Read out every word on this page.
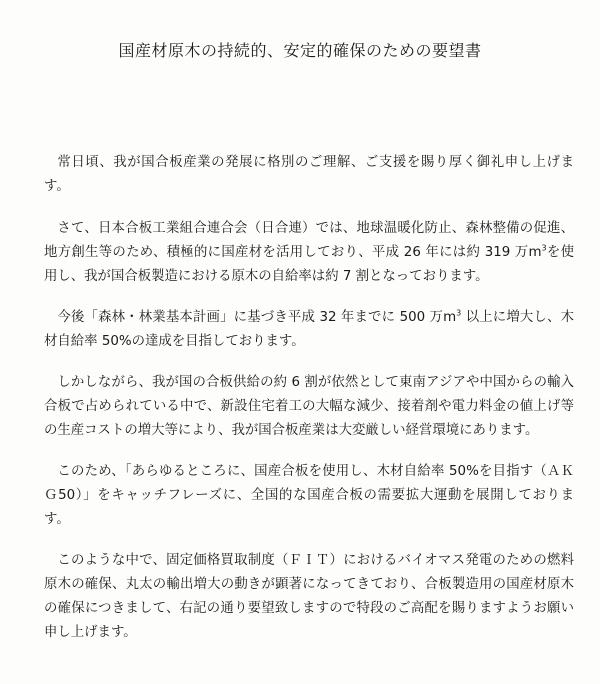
国産材原木の持続的、安定的確保のための要望書

常日頃、我が国合板産業の発展に格別のご理解、ご支援を賜り厚く御礼申し上げます。

さて、日本合板工業組合連合会（日合連）では、地球温暖化防止、森林整備の促進、地方創生等のため、積極的に国産材を活用しており、平成 26 年には約 319 万$m^3$を使用し、我が国合板製造における原木の自給率は約 7 割となっております。

今後「森林・林業基本計画」に基づき平成 32 年までに 500 万$m^3$ 以上に増大し、木材自給率 50%の達成を目指しております。

しかしながら、我が国の合板供給の約 6 割が依然として東南アジアや中国からの輸入合板で占められている中で、新設住宅着工の大幅な減少、接着剤や電力料金の値上げ等の生産コストの増大等により、我が国合板産業は大変厳しい経営環境にあります。

このため、「あらゆるところに、国産合板を使用し、木材自給率 50%を目指す（ＡＫＧ50）」をキャッチフレーズに、全国的な国産合板の需要拡大運動を展開しております。

このような中で、固定価格買取制度（ＦＩＴ）におけるバイオマス発電のための燃料原木の確保、丸太の輸出増大の動きが顕著になってきており、合板製造用の国産材原木の確保につきまして、右記の通り要望致しますので特段のご高配を賜りますようお願い申し上げます。
